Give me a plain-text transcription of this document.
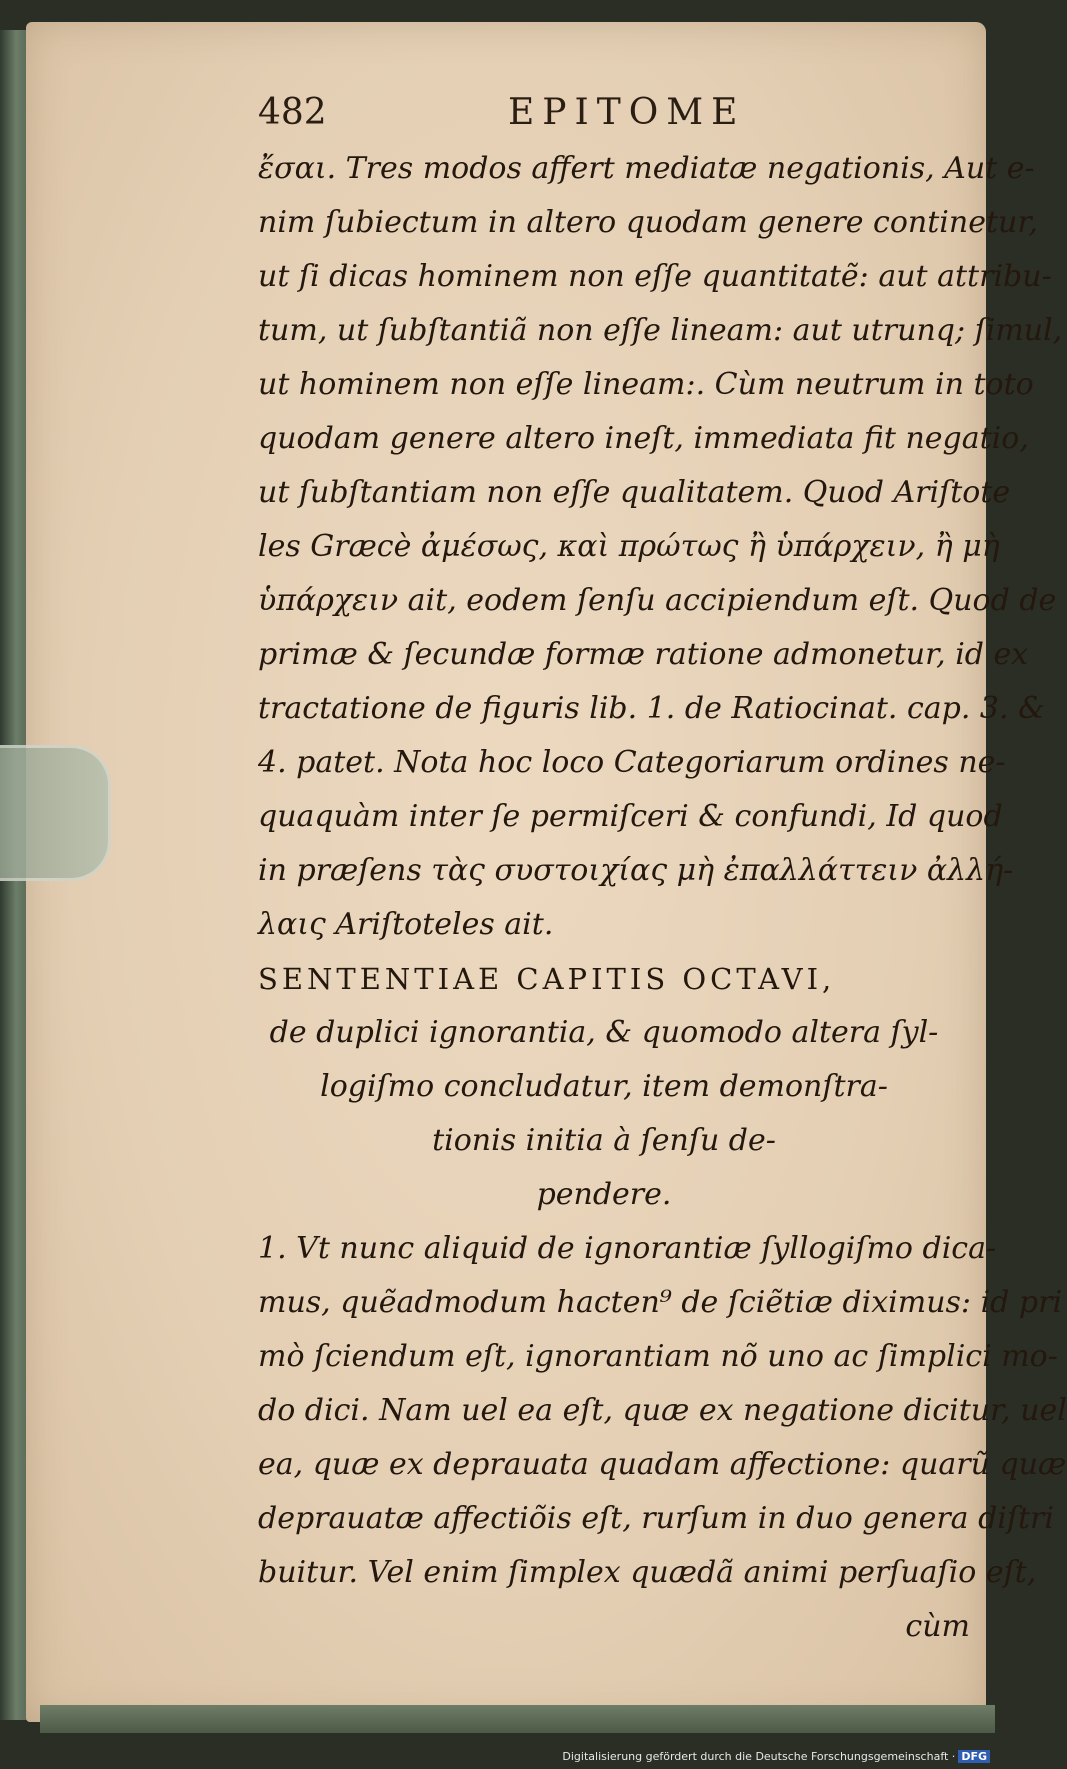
482	EPITOME
ἔσαι. Tres modos affert mediatæ negationis, Aut e-
nim ſubiectum in altero quodam genere continetur,
ut ſi dicas hominem non eſſe quantitatẽ: aut attribu-
tum, ut ſubſtantiã non eſſe lineam: aut utrunq; ſimul,
ut hominem non eſſe lineam:. Cùm neutrum in toto
quodam genere altero ineſt, immediata fit negatio,
ut ſubſtantiam non eſſe qualitatem. Quod Ariſtote
les Græcè ἀμέσως, καὶ πρώτως ἢ ὑπάρχειν, ἢ μὴ
ὑπάρχειν ait, eodem ſenſu accipiendum eſt. Quod de
primæ & ſecundæ formæ ratione admonetur, id ex
tractatione de figuris lib. 1. de Ratiocinat. cap. 3. &
4. patet. Nota hoc loco Categoriarum ordines ne-
quaquàm inter ſe permiſceri & confundi, Id quod
in præſens τὰς συστοιχίας μὴ ἐπαλλάττειν ἀλλή-
λαις Ariſtoteles ait.
SENTENTIAE CAPITIS OCTAVI,
de duplici ignorantia, & quomodo altera ſyl-
logiſmo concludatur, item demonſtra-
tionis initia à ſenſu de-
pendere.
1. Vt nunc aliquid de ignorantiæ ſyllogiſmo dica-
mus, quẽadmodum hacten⁹ de ſciẽtiæ diximus: id pri
mò ſciendum eſt, ignorantiam nõ uno ac ſimplici mo-
do dici. Nam uel ea eſt, quæ ex negatione dicitur, uel
ea, quæ ex deprauata quadam affectione: quarũ quæ
deprauatæ affectiõis eſt, rurſum in duo genera diſtri
buitur. Vel enim ſimplex quædã animi perſuaſio eſt,
cùm
Digitalisierung gefördert durch die Deutsche Forschungsgemeinschaft · DFG
